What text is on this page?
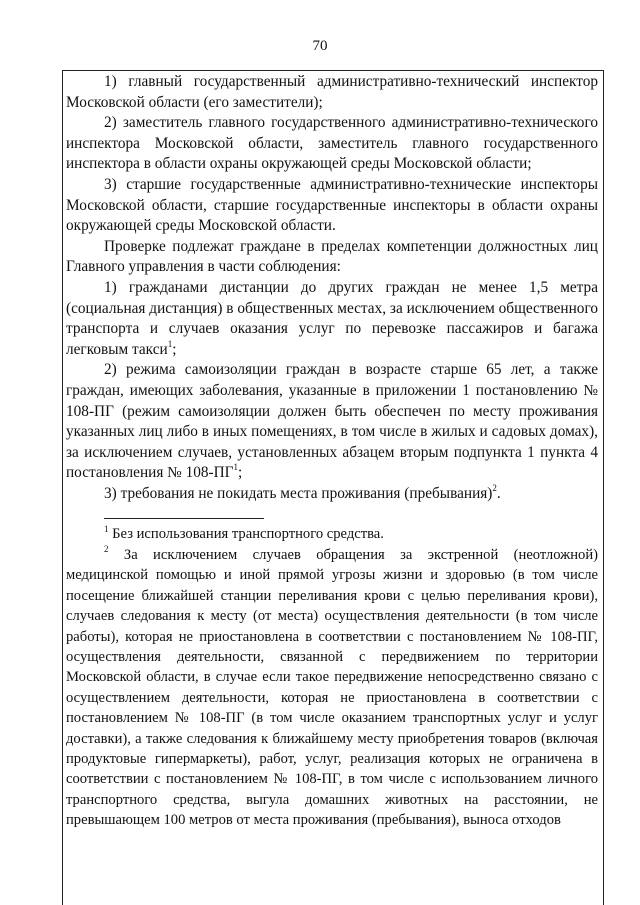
70

1) главный государственный административно-технический инспектор Московской области (его заместители);

2) заместитель главного государственного административно-технического инспектора Московской области, заместитель главного государственного инспектора в области охраны окружающей среды Московской области;

3) старшие государственные административно-технические инспекторы Московской области, старшие государственные инспекторы в области охраны окружающей среды Московской области.

Проверке подлежат граждане в пределах компетенции должностных лиц Главного управления в части соблюдения:

1) гражданами дистанции до других граждан не менее 1,5 метра (социальная дистанция) в общественных местах, за исключением общественного транспорта и случаев оказания услуг по перевозке пассажиров и багажа легковым такси$^1$;

2) режима самоизоляции граждан в возрасте старше 65 лет, а также граждан, имеющих заболевания, указанные в приложении 1 постановлению № 108-ПГ (режим самоизоляции должен быть обеспечен по месту проживания указанных лиц либо в иных помещениях, в том числе в жилых и садовых домах), за исключением случаев, установленных абзацем вторым подпункта 1 пункта 4 постановления № $108-ПГ^1$;

3) требования не покидать места проживания (пребывания)$^2$.

$^1$ Без использования транспортного средства.

$^2$ За исключением случаев обращения за экстренной (неотложной) медицинской помощью и иной прямой угрозы жизни и здоровью (в том числе посещение ближайшей станции переливания крови с целью переливания крови), случаев следования к месту (от места) осуществления деятельности (в том числе работы), которая не приостановлена в соответствии с постановлением № 108-ПГ, осуществления деятельности, связанной с передвижением по территории Московской области, в случае если такое передвижение непосредственно связано с осуществлением деятельности, которая не приостановлена в соответствии с постановлением № 108-ПГ (в том числе оказанием транспортных услуг и услуг доставки), а также следования к ближайшему месту приобретения товаров (включая продуктовые гипермаркеты), работ, услуг, реализация которых не ограничена в соответствии с постановлением № 108-ПГ, в том числе с использованием личного транспортного средства, выгула домашних животных на расстоянии, не превышающем 100 метров от места проживания (пребывания), выноса отходов
